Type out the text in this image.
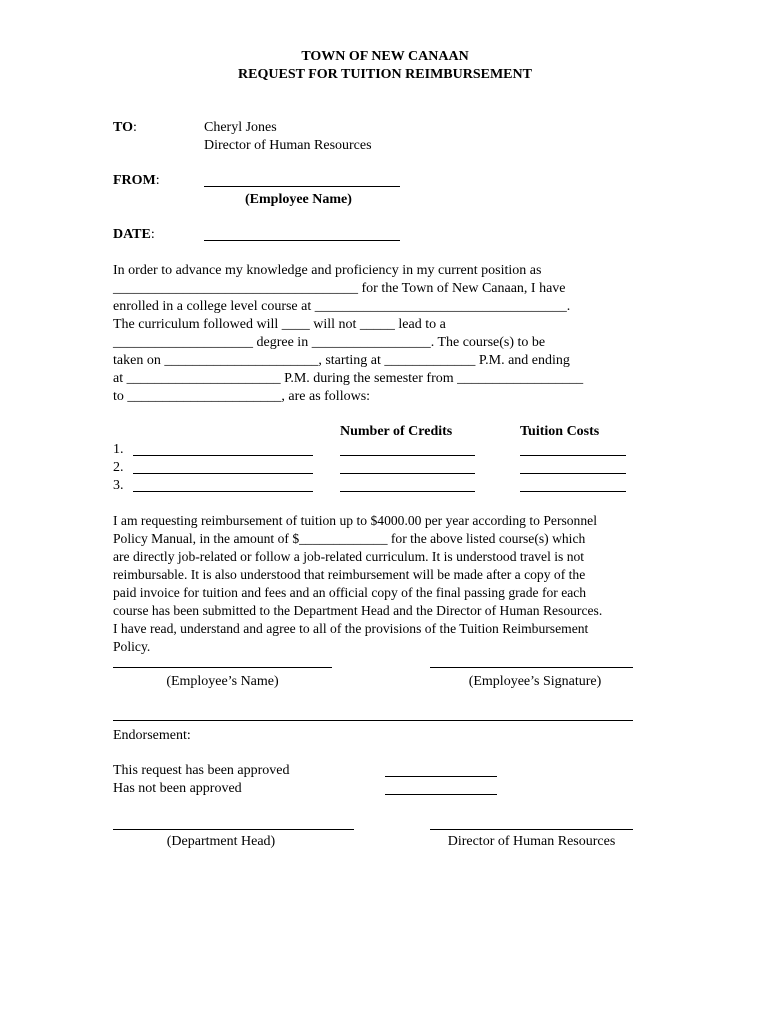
TOWN OF NEW CANAAN
REQUEST FOR TUITION REIMBURSEMENT
TO:	Cheryl Jones
Director of Human Resources
FROM:
(Employee Name)
DATE:
In order to advance my knowledge and proficiency in my current position as
___________________________________ for the Town of New Canaan, I have
enrolled in a college level course at ____________________________________.
The curriculum followed will ____ will not _____ lead to a
____________________ degree in _________________. The course(s) to be
taken on ______________________, starting at _____________ P.M. and ending
at ______________________ P.M. during the semester from __________________
to ______________________, are as follows:
Number of Credits	Tuition Costs
1.
2.
3.
I am requesting reimbursement of tuition up to $4000.00 per year according to Personnel
Policy Manual, in the amount of $_____________ for the above listed course(s) which
are directly job-related or follow a job-related curriculum. It is understood travel is not
reimbursable. It is also understood that reimbursement will be made after a copy of the
paid invoice for tuition and fees and an official copy of the final passing grade for each
course has been submitted to the Department Head and the Director of Human Resources.
I have read, understand and agree to all of the provisions of the Tuition Reimbursement
Policy.
(Employee’s Name)	(Employee’s Signature)
Endorsement:
This request has been approved
Has not been approved
(Department Head)	Director of Human Resources
